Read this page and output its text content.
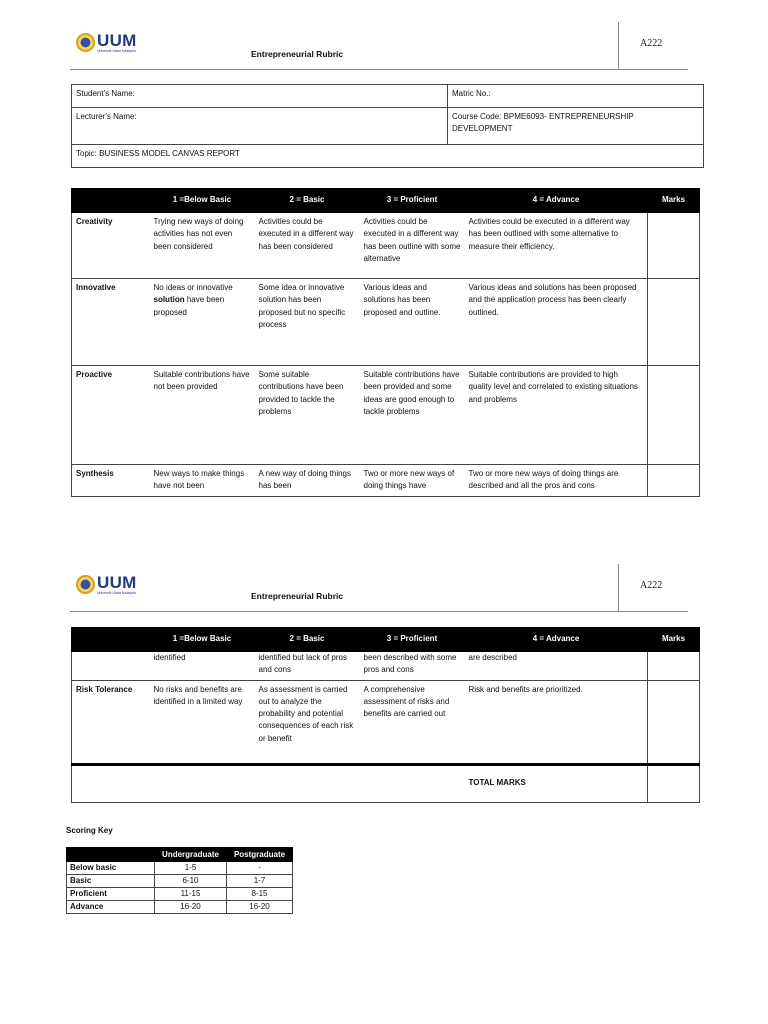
UUM
Universiti Utara Malaysia	Entrepreneurial Rubric
A222
Student's Name:	Matric No.:
Lecturer's Name:	Course Code: BPME6093- ENTREPRENEURSHIP
DEVELOPMENT

Topic: BUSINESS MODEL CANVAS REPORT	
	1 =Below Basic	2 = Basic	3 = Proficient	4 = Advance	Marks
Creativity	Trying new ways of doing activities has not even been considered	Activities could be executed in a different way has been considered	Activities could be executed in a different way has been outline with some alternative	Activities could be executed in a different way has been outlined with some alternative to measure their efficiency.	
Innovative	No ideas or innovative solution have been proposed	Some idea or innovative solution has been proposed but no specific process	Various ideas and solutions has been proposed and outline.	Various ideas and solutions has been proposed and the application process has been clearly outlined.	
Proactive	Suitable contributions have not been provided	Some suitable contributions have been provided to tackle the problems	Suitable contributions have been provided and some ideas are good enough to tackle problems	Suitable contributions are provided to high quality level and correlated to existing situations and problems	
Synthesis	New ways to make things have not been	A new way of doing things has been	Two or more new ways of doing things have	Two or more new ways of doing things are described and all the pros and cons	
UUM
Universiti Utara Malaysia	Entrepreneurial Rubric
A222
	1 =Below Basic	2 = Basic	3 = Proficient	4 = Advance	Marks
	identified	identified but lack of pros and cons	been described with some pros and cons	are described	
Risk Tolerance	No risks and benefits are identified in a limited way	As assessment is carried out to analyze the probability and potential consequences of each risk or benefit	A comprehensive assessment of risks and benefits are carried out	Risk and benefits are prioritized.	
				TOTAL MARKS	
Scoring Key
	Undergraduate	Postgraduate
Below basic	1-5	-
Basic	6-10	1-7
Proficient	11-15	8-15
Advance	16-20	16-20
